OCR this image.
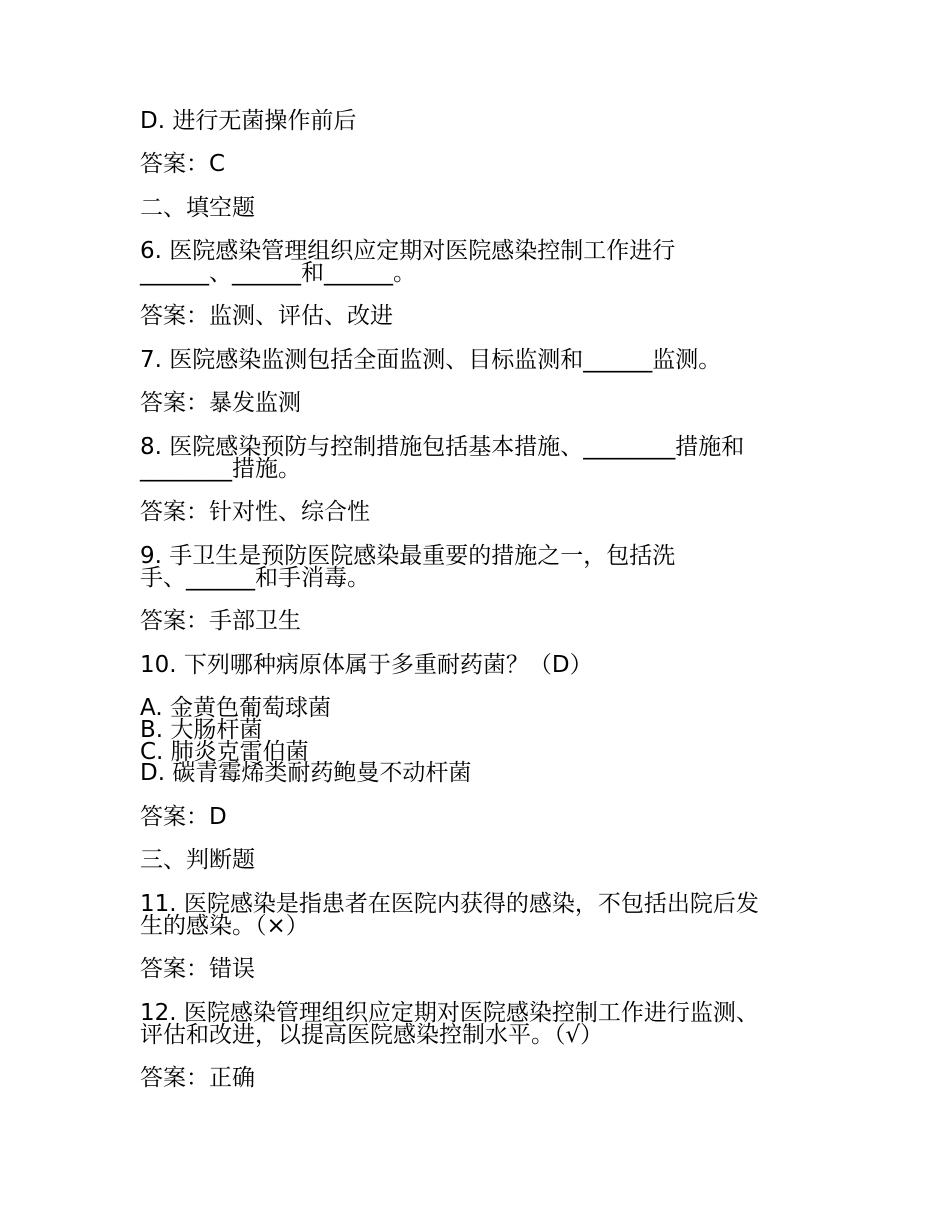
D. 进行无菌操作前后
答案：C
二、填空题
6. 医院感染管理组织应定期对医院感染控制工作进行
______、______和______。
答案：监测、评估、改进
7. 医院感染监测包括全面监测、目标监测和______监测。
答案：暴发监测
8. 医院感染预防与控制措施包括基本措施、________措施和
________措施。
答案：针对性、综合性
9. 手卫生是预防医院感染最重要的措施之一，包括洗
手、______和手消毒。
答案：手部卫生
10. 下列哪种病原体属于多重耐药菌？（D）
A. 金黄色葡萄球菌
B. 大肠杆菌
C. 肺炎克雷伯菌
D. 碳青霉烯类耐药鲍曼不动杆菌
答案：D
三、判断题
11. 医院感染是指患者在医院内获得的感染，不包括出院后发
生的感染。（×）
答案：错误
12. 医院感染管理组织应定期对医院感染控制工作进行监测、
评估和改进，以提高医院感染控制水平。（√）
答案：正确
